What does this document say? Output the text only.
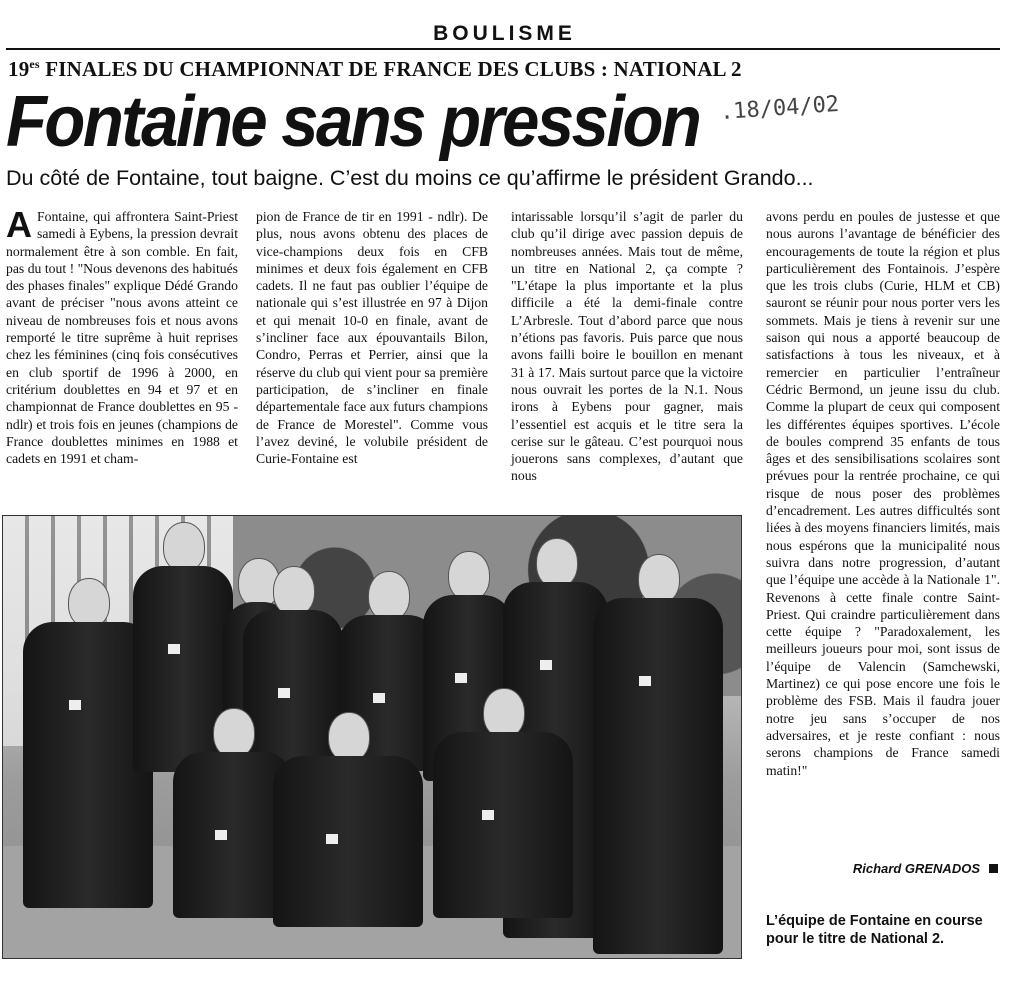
BOULISME
$19^{es}$ FINALES DU CHAMPIONNAT DE FRANCE DES CLUBS : NATIONAL 2
Fontaine sans pression .18/04/02
Du côté de Fontaine, tout baigne. C’est du moins ce qu’affirme le président Grando...

A Fontaine, qui affrontera Saint-Priest samedi à Eybens, la pression devrait normalement être à son comble. En fait, pas du tout ! "Nous devenons des habitués des phases finales" explique Dédé Grando avant de préciser "nous avons atteint ce niveau de nombreuses fois et nous avons remporté le titre suprême à huit reprises chez les féminines (cinq fois consécutives en club sportif de 1996 à 2000, en critérium doublettes en 94 et 97 et en championnat de France doublettes en 95 - ndlr) et trois fois en jeunes (champions de France doublettes minimes en 1988 et cadets en 1991 et cham-

pion de France de tir en 1991 - ndlr). De plus, nous avons obtenu des places de vice-champions deux fois en CFB minimes et deux fois également en CFB cadets. Il ne faut pas oublier l’équipe de nationale qui s’est illustrée en 97 à Dijon et qui menait 10-0 en finale, avant de s’incliner face aux épouvantails Bilon, Condro, Perras et Perrier, ainsi que la réserve du club qui vient pour sa première participation, de s’incliner en finale départementale face aux futurs champions de France de Morestel". Comme vous l’avez deviné, le volubile président de Curie-Fontaine est

intarissable lorsqu’il s’agit de parler du club qu’il dirige avec passion depuis de nombreuses années. Mais tout de même, un titre en National 2, ça compte ? "L’étape la plus importante et la plus difficile a été la demi-finale contre L’Arbresle. Tout d’abord parce que nous n’étions pas favoris. Puis parce que nous avons failli boire le bouillon en menant 31 à 17. Mais surtout parce que la victoire nous ouvrait les portes de la N.1. Nous irons à Eybens pour gagner, mais l’essentiel est acquis et le titre sera la cerise sur le gâteau. C’est pourquoi nous jouerons sans complexes, d’autant que nous

avons perdu en poules de justesse et que nous aurons l’avantage de bénéficier des encouragements de toute la région et plus particulièrement des Fontainois. J’espère que les trois clubs (Curie, HLM et CB) sauront se réunir pour nous porter vers les sommets. Mais je tiens à revenir sur une saison qui nous a apporté beaucoup de satisfactions à tous les niveaux, et à remercier en particulier l’entraîneur Cédric Bermond, un jeune issu du club. Comme la plupart de ceux qui composent les différentes équipes sportives. L’école de boules comprend 35 enfants de tous âges et des sensibilisations scolaires sont prévues pour la rentrée prochaine, ce qui risque de nous poser des problèmes d’encadrement. Les autres difficultés sont liées à des moyens financiers limités, mais nous espérons que la municipalité nous suivra dans notre progression, d’autant que l’équipe une accède à la Nationale 1". Revenons à cette finale contre Saint-Priest. Qui craindre particulièrement dans cette équipe ? "Paradoxalement, les meilleurs joueurs pour moi, sont issus de l’équipe de Valencin (Samchewski, Martinez) ce qui pose encore une fois le problème des FSB. Mais il faudra jouer notre jeu sans s’occuper de nos adversaires, et je reste confiant : nous serons champions de France samedi matin!"

Richard GRENADOS
L’équipe de Fontaine en course pour le titre de National 2.
